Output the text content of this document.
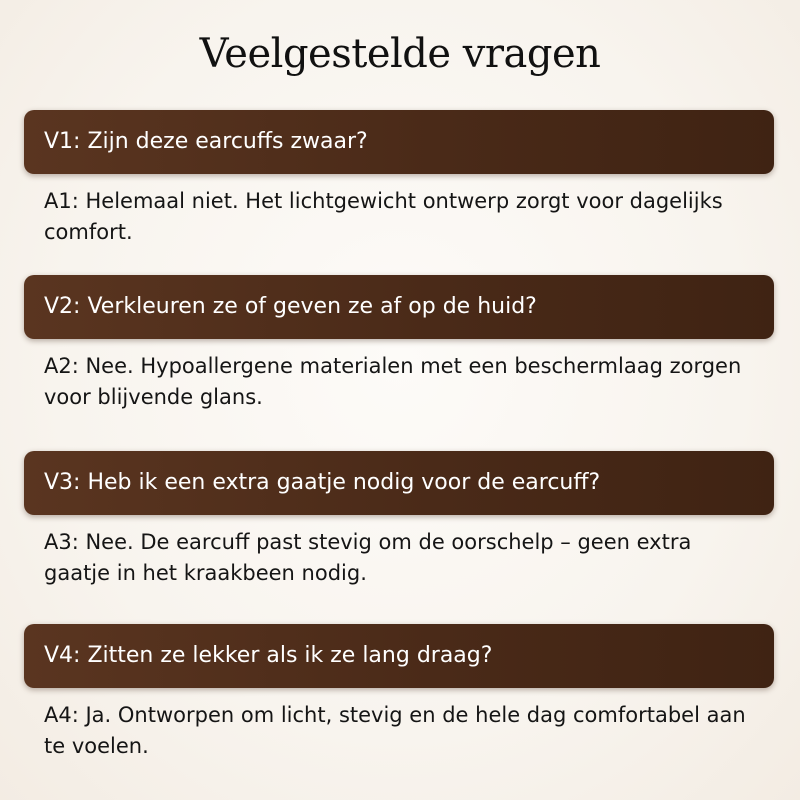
Veelgestelde vragen
V1: Zijn deze earcuffs zwaar?
A1: Helemaal niet. Het lichtgewicht ontwerp zorgt voor dagelijks comfort.
V2: Verkleuren ze of geven ze af op de huid?
A2: Nee. Hypoallergene materialen met een beschermlaag zorgen voor blijvende glans.
V3: Heb ik een extra gaatje nodig voor de earcuff?
A3: Nee. De earcuff past stevig om de oorschelp – geen extra gaatje in het kraakbeen nodig.
V4: Zitten ze lekker als ik ze lang draag?
A4: Ja. Ontworpen om licht, stevig en de hele dag comfortabel aan te voelen.
